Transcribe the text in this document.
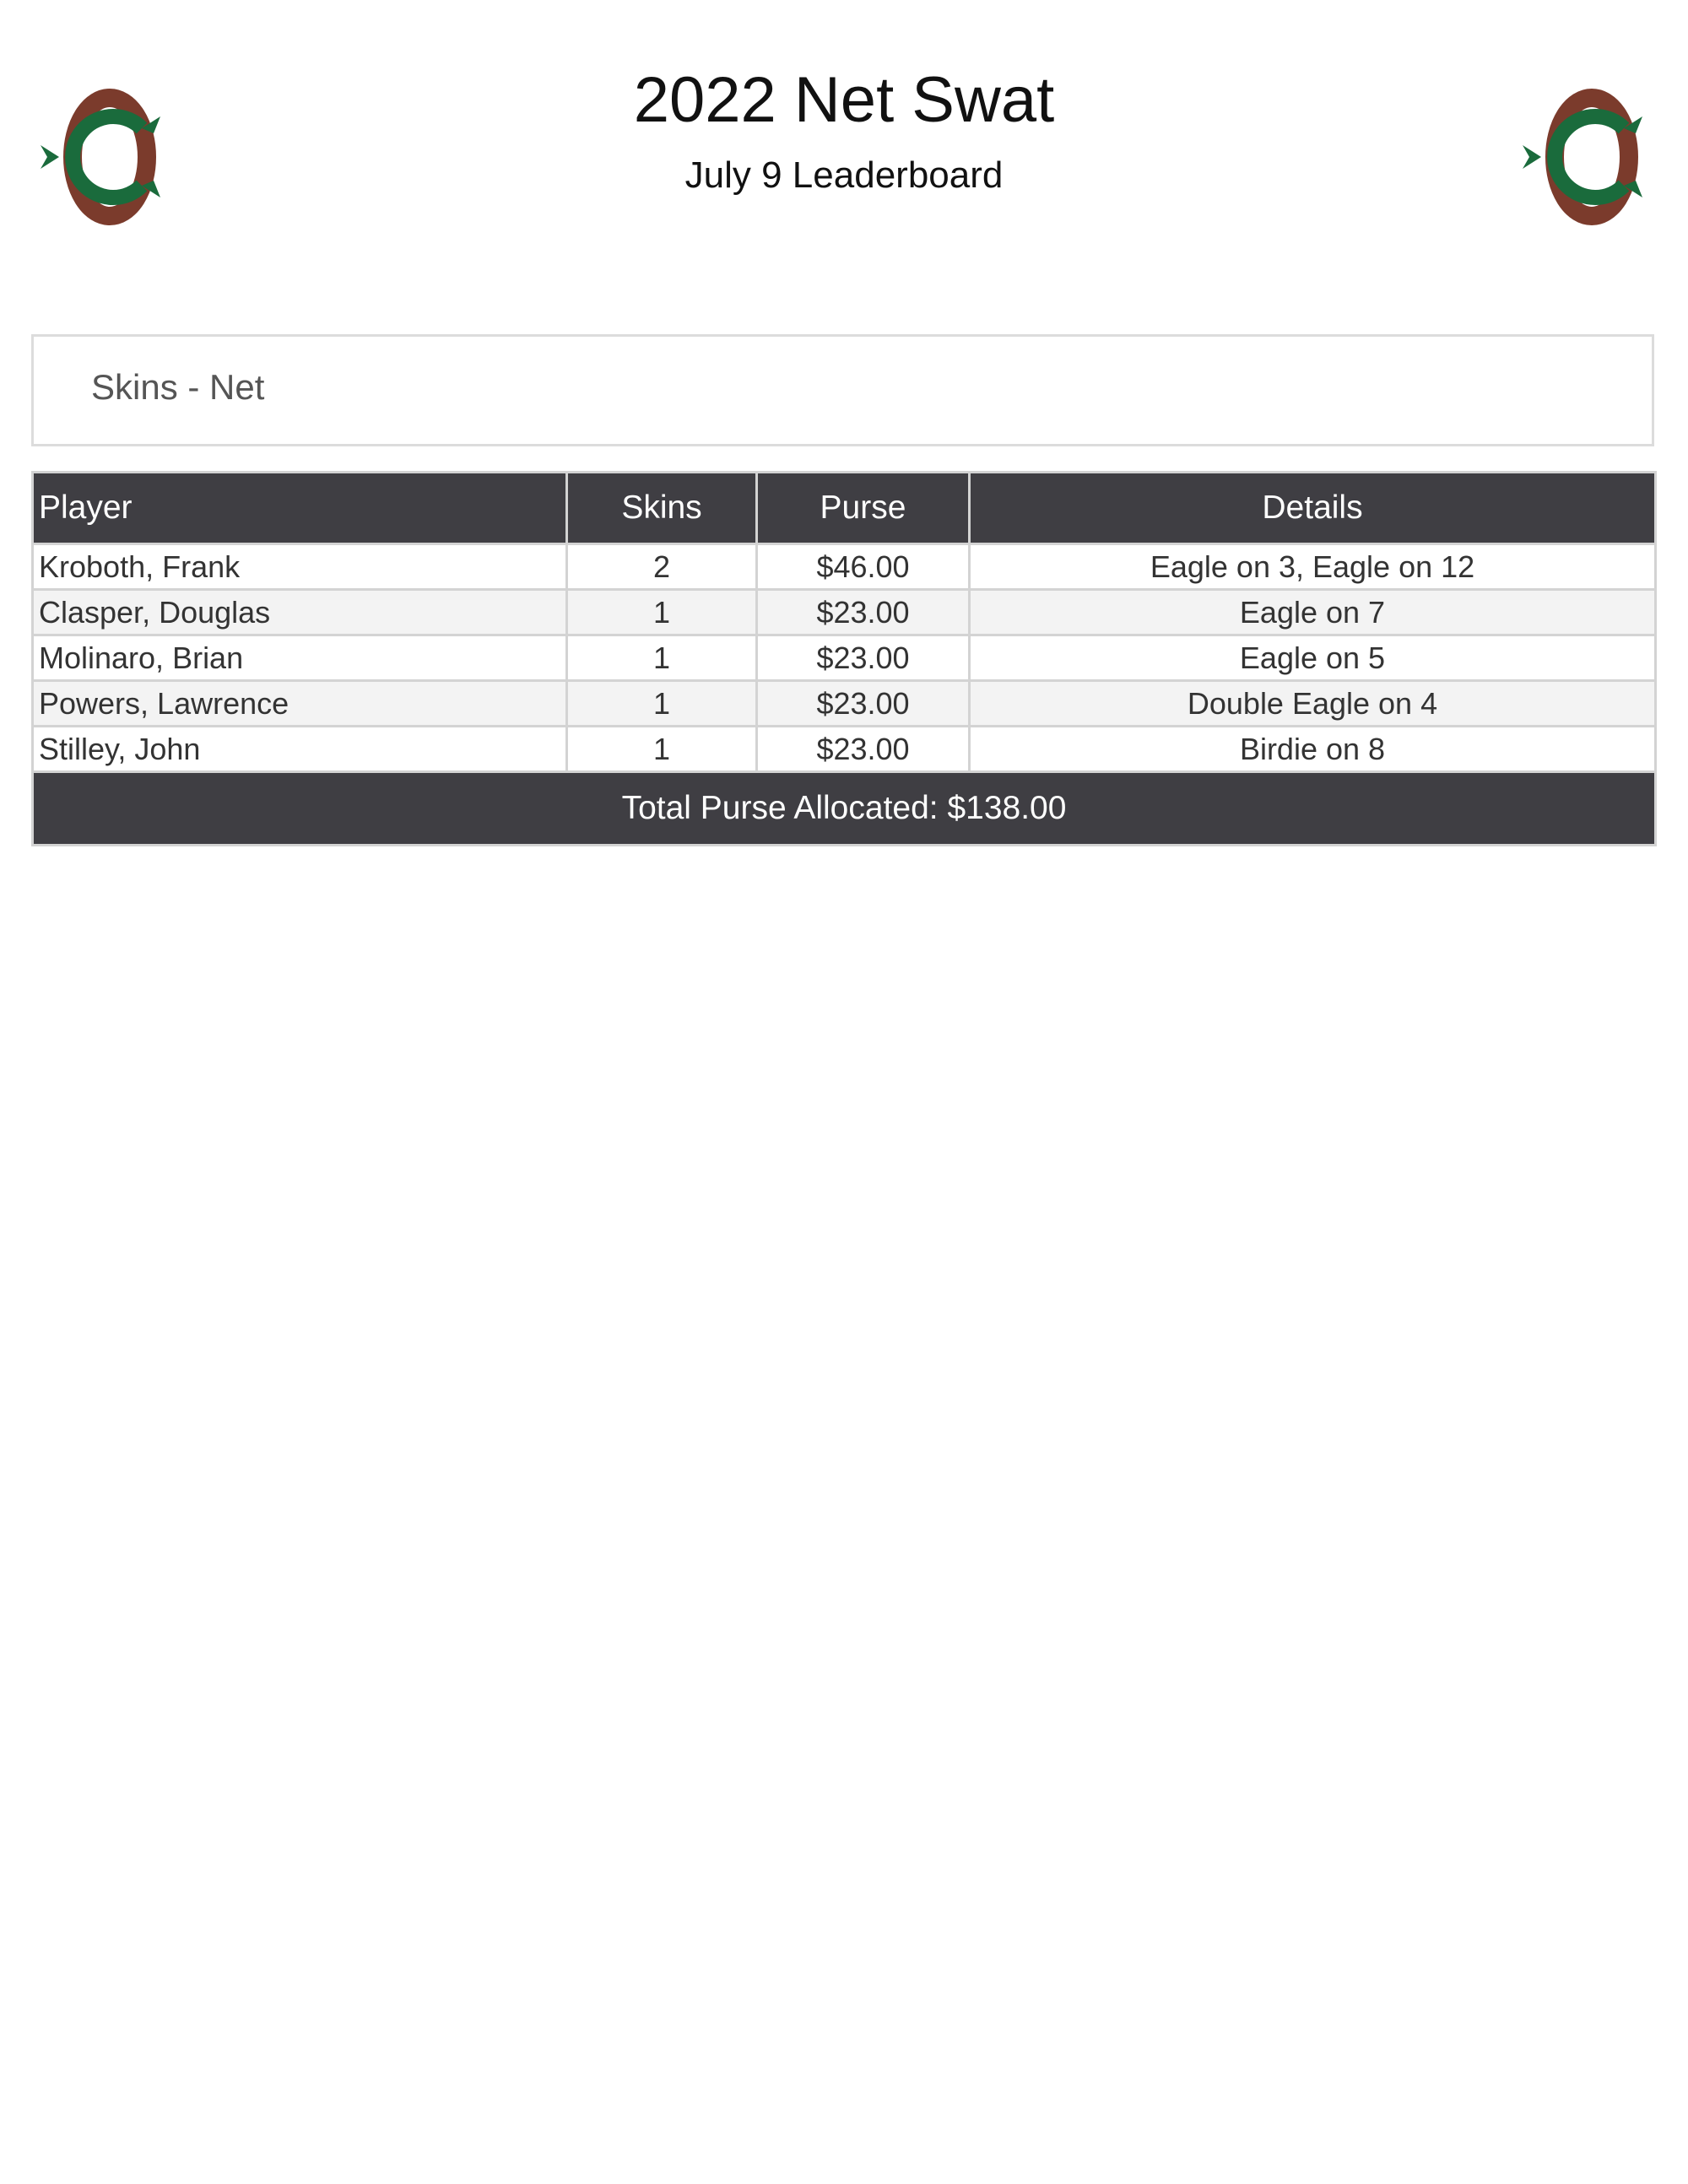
2022 Net Swat
July 9 Leaderboard
Skins - Net
Player	Skins	Purse	Details
Kroboth, Frank	2	$46.00	Eagle on 3, Eagle on 12
Clasper, Douglas	1	$23.00	Eagle on 7
Molinaro, Brian	1	$23.00	Eagle on 5
Powers, Lawrence	1	$23.00	Double Eagle on 4
Stilley, John	1	$23.00	Birdie on 8
Total Purse Allocated: $138.00			
